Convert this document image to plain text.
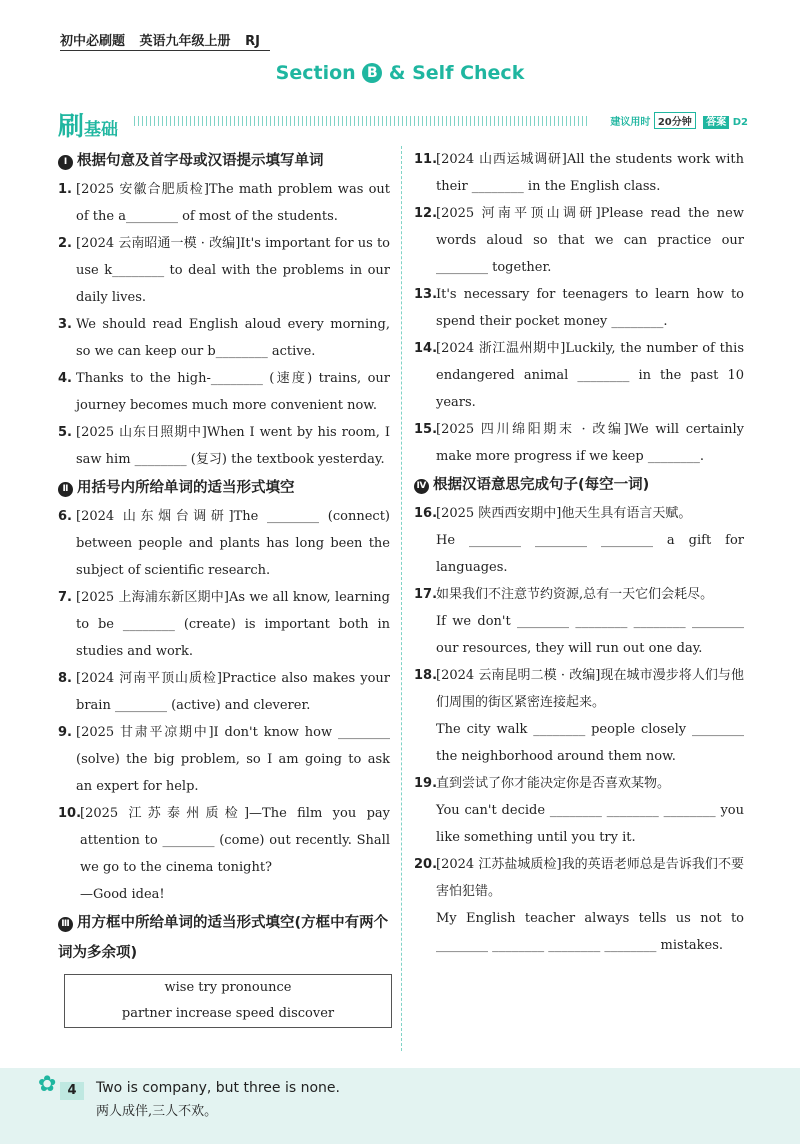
初中必刷题 英语九年级上册 RJ
Section B & Self Check
刷基础	建议用时 20分钟 答案 D2

Ⅰ 根据句意及首字母或汉语提示填写单词

1. [2025 安徽合肥质检]The math problem was out of the a________ of most of the students.

2. [2024 云南昭通一模 · 改编]It's important for us to use k________ to deal with the problems in our daily lives.

3. We should read English aloud every morning, so we can keep our b________ active.

4. Thanks to the high-________ (速度) trains, our journey becomes much more convenient now.

5. [2025 山东日照期中]When I went by his room, I saw him ________ (复习) the textbook yesterday.

Ⅱ 用括号内所给单词的适当形式填空

6. [2024 山东烟台调研]The ________ (connect) between people and plants has long been the subject of scientific research.

7. [2025 上海浦东新区期中]As we all know, learning to be ________ (create) is important both in studies and work.

8. [2024 河南平顶山质检]Practice also makes your brain ________ (active) and cleverer.

9. [2025 甘肃平凉期中]I don't know how ________ (solve) the big problem, so I am going to ask an expert for help.

10.
[2025 江苏泰州质检]—The film you pay attention to ________ (come) out recently. Shall we go to the cinema tonight?
—Good idea!

Ⅲ 用方框中所给单词的适当形式填空(方框中有两个词为多余项)

wise try pronounce
partner increase speed discover

11.
[2024 山西运城调研]All the students work with their ________ in the English class.

12.
[2025 河南平顶山调研]Please read the new words aloud so that we can practice our ________ together.

13.
It's necessary for teenagers to learn how to spend their pocket money ________.

14.
[2024 浙江温州期中]Luckily, the number of this endangered animal ________ in the past 10 years.

15.
[2025 四川绵阳期末 · 改编]We will certainly make more progress if we keep ________.

Ⅳ 根据汉语意思完成句子(每空一词)

16.
[2025 陕西西安期中]他天生具有语言天赋。
He ________ ________ ________ a gift for languages.

17.
如果我们不注意节约资源,总有一天它们会耗尽。
If we don't ________ ________ ________ ________ our resources, they will run out one day.

18.
[2024 云南昆明二模 · 改编]现在城市漫步将人们与他们周围的街区紧密连接起来。
The city walk ________ people closely ________ the neighborhood around them now.

19.
直到尝试了你才能决定你是否喜欢某物。
You can't decide ________ ________ ________ you like something until you try it.

20.
[2024 江苏盐城质检]我的英语老师总是告诉我们不要害怕犯错。
My English teacher always tells us not to ________ ________ ________ ________ mistakes.

✿ 4	Two is company, but three is none.
两人成伴,三人不欢。
